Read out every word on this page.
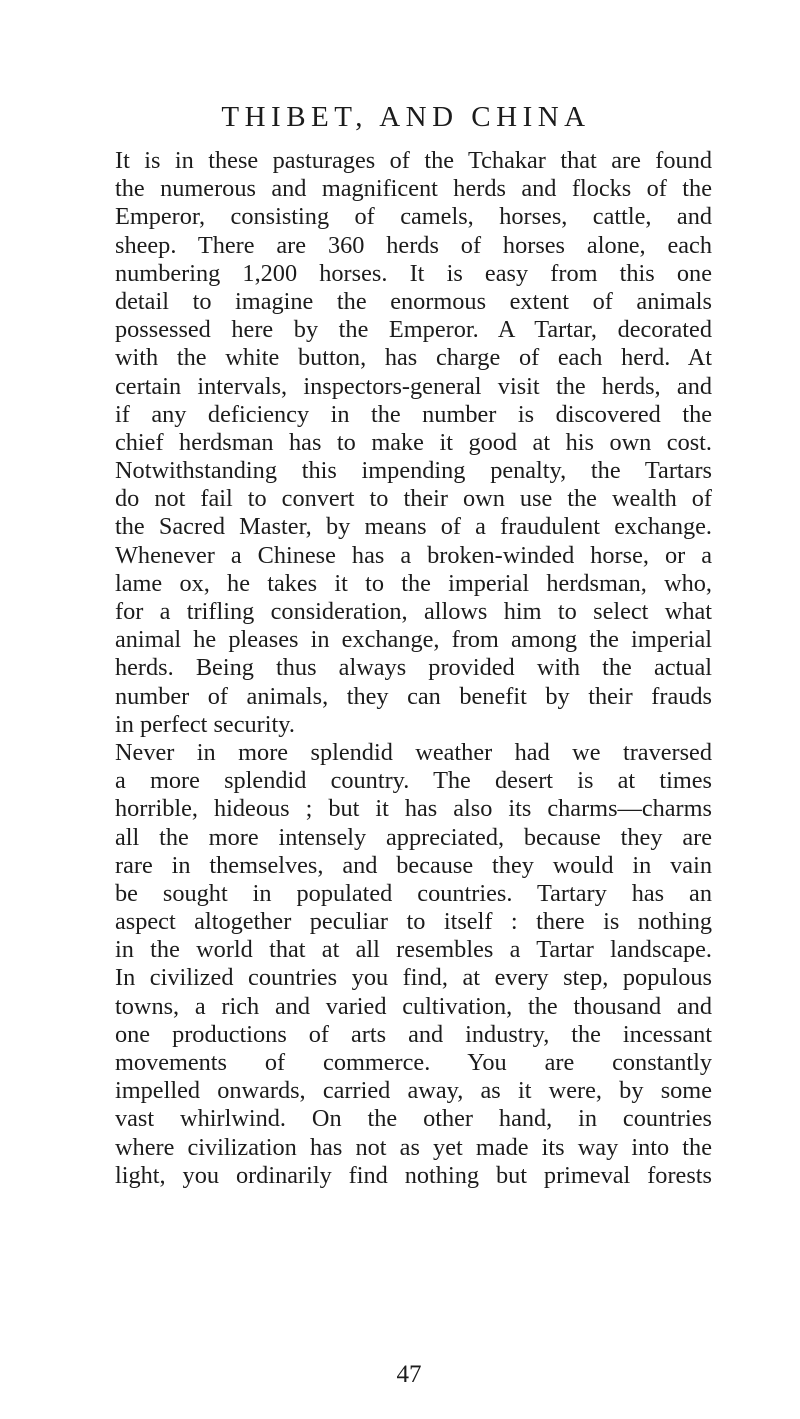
THIBET, AND CHINA
It is in these pasturages of the Tchakar that are found
the numerous and magnificent herds and flocks of the
Emperor, consisting of camels, horses, cattle, and
sheep. There are 360 herds of horses alone, each
numbering 1,200 horses. It is easy from this one
detail to imagine the enormous extent of animals
possessed here by the Emperor. A Tartar, decorated
with the white button, has charge of each herd. At
certain intervals, inspectors-general visit the herds, and
if any deficiency in the number is discovered the
chief herdsman has to make it good at his own cost.
Notwithstanding this impending penalty, the Tartars
do not fail to convert to their own use the wealth of
the Sacred Master, by means of a fraudulent exchange.
Whenever a Chinese has a broken-winded horse, or a
lame ox, he takes it to the imperial herdsman, who,
for a trifling consideration, allows him to select what
animal he pleases in exchange, from among the imperial
herds. Being thus always provided with the actual
number of animals, they can benefit by their frauds
in perfect security.
Never in more splendid weather had we traversed
a more splendid country. The desert is at times
horrible, hideous ; but it has also its charms—charms
all the more intensely appreciated, because they are
rare in themselves, and because they would in vain
be sought in populated countries. Tartary has an
aspect altogether peculiar to itself : there is nothing
in the world that at all resembles a Tartar landscape.
In civilized countries you find, at every step, populous
towns, a rich and varied cultivation, the thousand and
one productions of arts and industry, the incessant
movements of commerce. You are constantly
impelled onwards, carried away, as it were, by some
vast whirlwind. On the other hand, in countries
where civilization has not as yet made its way into the
light, you ordinarily find nothing but primeval forests
47
